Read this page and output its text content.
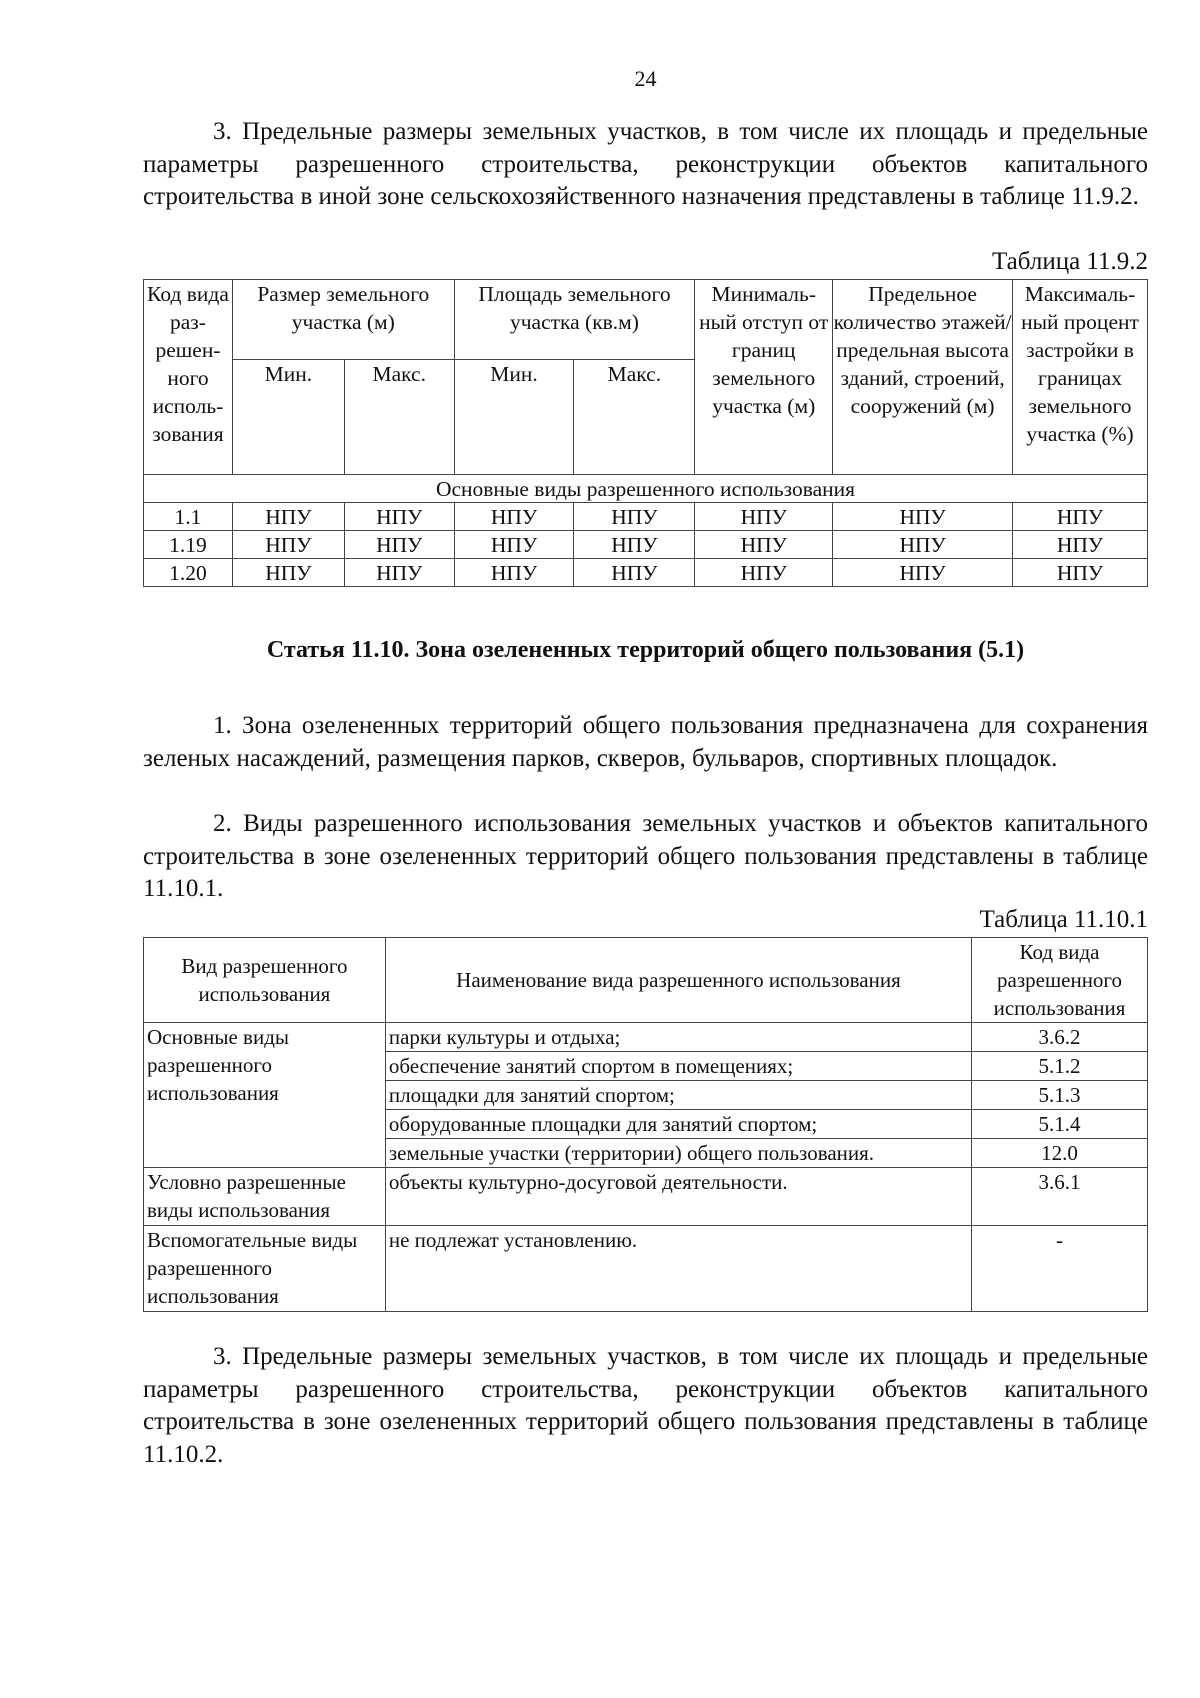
24
3. Предельные размеры земельных участков, в том числе их площадь и предельные параметры разрешенного строительства, реконструкции объектов капитального строительства в иной зоне сельскохозяйственного назначения представлены в таблице 11.9.2.
Таблица 11.9.2
Код вида раз-решен-ного исполь-зования	Размер земельного участка (м)		Площадь земельного участка (кв.м)		Минималь-ный отступ от границ земельного участка (м)	Предельное количество этажей/ предельная высота зданий, строений, сооружений (м)	Максималь-ный процент застройки в границах земельного участка (%)
	Мин.	Макс.	Мин.	Макс.			
Основные виды разрешенного использования							
1.1	НПУ	НПУ	НПУ	НПУ	НПУ	НПУ	НПУ
1.19	НПУ	НПУ	НПУ	НПУ	НПУ	НПУ	НПУ
1.20	НПУ	НПУ	НПУ	НПУ	НПУ	НПУ	НПУ
Статья 11.10. Зона озелененных территорий общего пользования (5.1)
1. Зона озелененных территорий общего пользования предназначена для сохранения зеленых насаждений, размещения парков, скверов, бульваров, спортивных площадок.
2. Виды разрешенного использования земельных участков и объектов капитального строительства в зоне озелененных территорий общего пользования представлены в таблице 11.10.1.
Таблица 11.10.1
Вид разрешенного использования	Наименование вида разрешенного использования	Код вида разрешенного использования
Основные виды разрешенного использования	парки культуры и отдыха;	3.6.2
	обеспечение занятий спортом в помещениях;	5.1.2
	площадки для занятий спортом;	5.1.3
	оборудованные площадки для занятий спортом;	5.1.4
	земельные участки (территории) общего пользования.	12.0
Условно разрешенные виды использования	объекты культурно-досуговой деятельности.	3.6.1
Вспомогательные виды разрешенного использования	не подлежат установлению.	-
3. Предельные размеры земельных участков, в том числе их площадь и предельные параметры разрешенного строительства, реконструкции объектов капитального строительства в зоне озелененных территорий общего пользования представлены в таблице 11.10.2.
